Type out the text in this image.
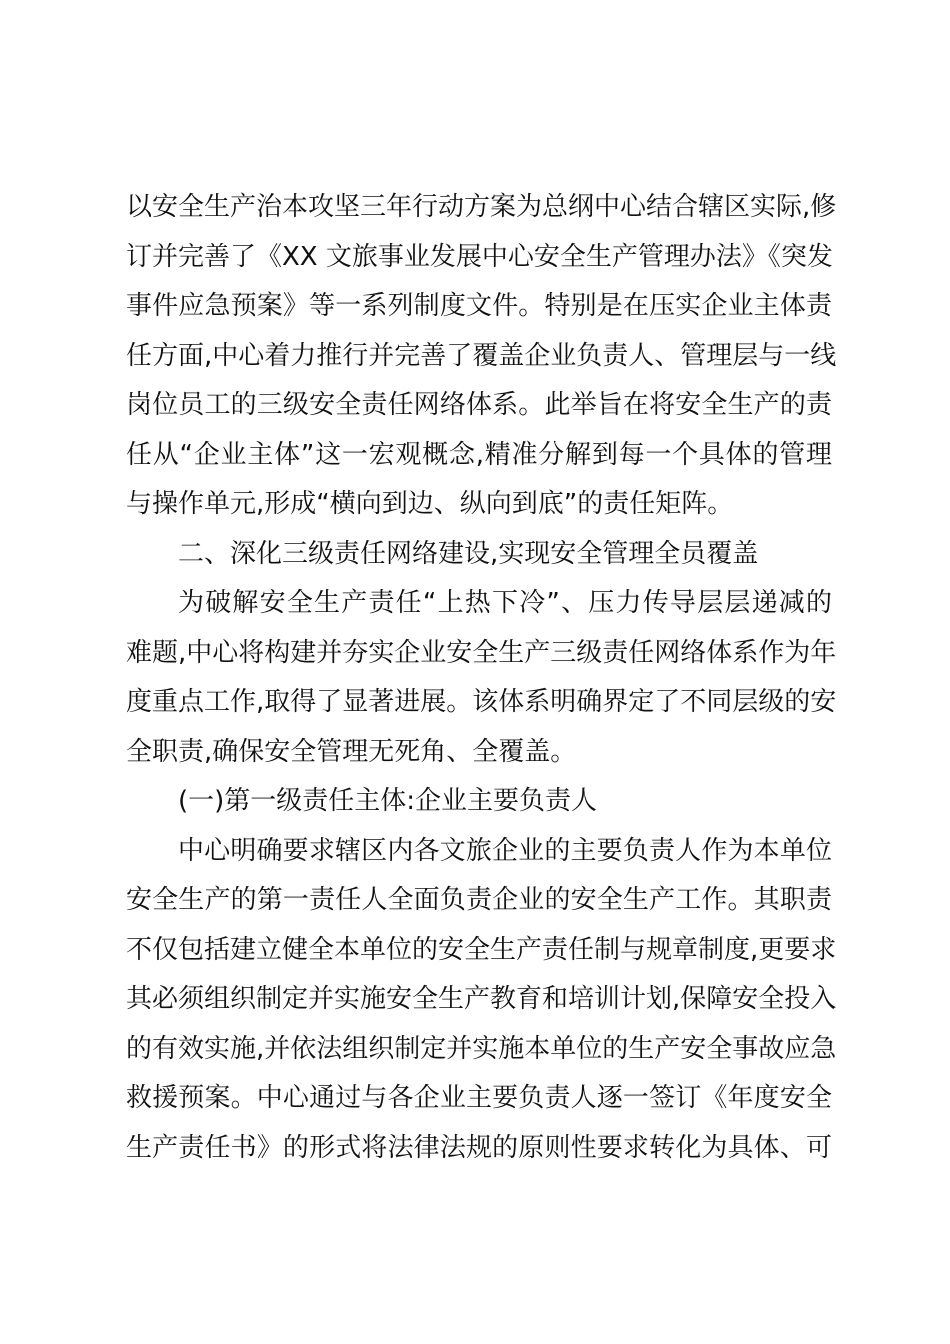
以安全生产治本攻坚三年行动方案为总纲中心结合辖区实际,修
订并完善了《XX 文旅事业发展中心安全生产管理办法》《突发
事件应急预案》等一系列制度文件。特别是在压实企业主体责
任方面,中心着力推行并完善了覆盖企业负责人、管理层与一线
岗位员工的三级安全责任网络体系。此举旨在将安全生产的责
任从“企业主体”这一宏观概念,精准分解到每一个具体的管理
与操作单元,形成“横向到边、纵向到底”的责任矩阵。
二、深化三级责任网络建设,实现安全管理全员覆盖
为破解安全生产责任“上热下冷”、压力传导层层递减的
难题,中心将构建并夯实企业安全生产三级责任网络体系作为年
度重点工作,取得了显著进展。该体系明确界定了不同层级的安
全职责,确保安全管理无死角、全覆盖。
(一)第一级责任主体:企业主要负责人
中心明确要求辖区内各文旅企业的主要负责人作为本单位
安全生产的第一责任人全面负责企业的安全生产工作。其职责
不仅包括建立健全本单位的安全生产责任制与规章制度,更要求
其必须组织制定并实施安全生产教育和培训计划,保障安全投入
的有效实施,并依法组织制定并实施本单位的生产安全事故应急
救援预案。中心通过与各企业主要负责人逐一签订《年度安全
生产责任书》的形式将法律法规的原则性要求转化为具体、可
